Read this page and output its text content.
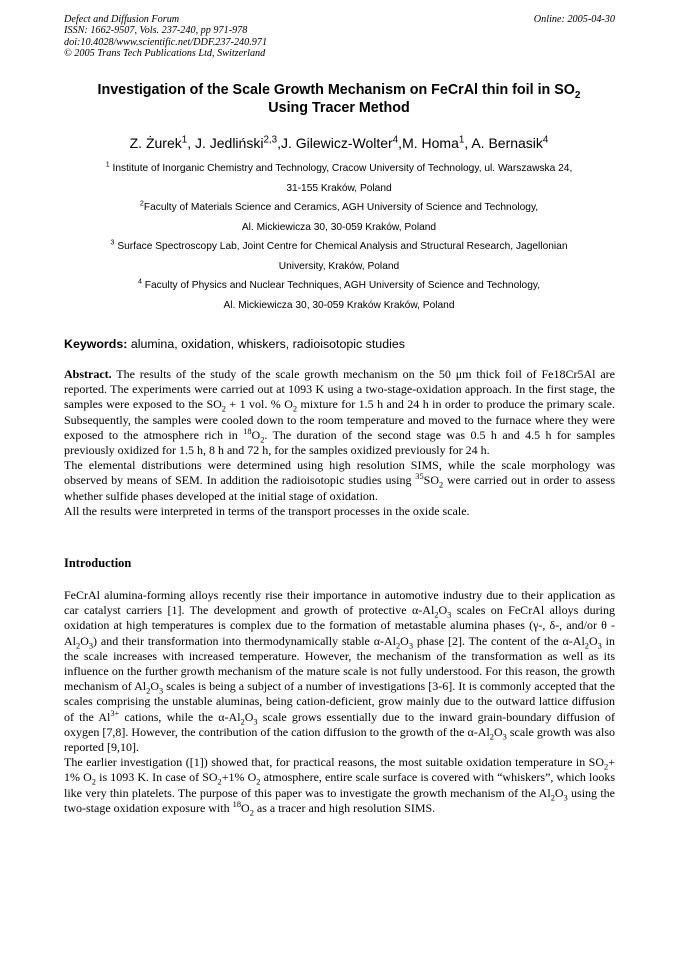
Defect and Diffusion Forum
ISSN: 1662-9507, Vols. 237-240, pp 971-978
doi:10.4028/www.scientific.net/DDF.237-240.971
© 2005 Trans Tech Publications Ltd, Switzerland
Online: 2005-04-30
Investigation of the Scale Growth Mechanism on FeCrAl thin foil in $SO_2$
Using Tracer Method
Z. Żurek$^1$, J. Jedliński$^{2,3}$,J. Gilewicz-Wolter$^4$,M. Homa$^1$, A. Bernasik$^4$
$^1$ Institute of Inorganic Chemistry and Technology, Cracow University of Technology, ul. Warszawska 24,
31-155 Kraków, Poland
$^2$Faculty of Materials Science and Ceramics, AGH University of Science and Technology,
Al. Mickiewicza 30, 30-059 Kraków, Poland
$^3$ Surface Spectroscopy Lab, Joint Centre for Chemical Analysis and Structural Research, Jagellonian
University, Kraków, Poland
$^4$ Faculty of Physics and Nuclear Techniques, AGH University of Science and Technology,
Al. Mickiewicza 30, 30-059 Kraków Kraków, Poland
Keywords: alumina, oxidation, whiskers, radioisotopic studies

Abstract. The results of the study of the scale growth mechanism on the 50 μm thick foil of Fe18Cr5Al are reported. The experiments were carried out at 1093 K using a two-stage-oxidation approach. In the first stage, the samples were exposed to the $SO_2 + 1$ vol. % $O_2$ mixture for 1.5 h and 24 h in order to produce the primary scale. Subsequently, the samples were cooled down to the room temperature and moved to the furnace where they were exposed to the atmosphere rich in $^{18}O_2$. The duration of the second stage was 0.5 h and 4.5 h for samples previously oxidized for 1.5 h, 8 h and 72 h, for the samples oxidized previously for 24 h.

The elemental distributions were determined using high resolution SIMS, while the scale morphology was observed by means of SEM. In addition the radioisotopic studies using $^{35}SO_2$ were carried out in order to assess whether sulfide phases developed at the initial stage of oxidation.

All the results were interpreted in terms of the transport processes in the oxide scale.

Introduction

FeCrAl alumina-forming alloys recently rise their importance in automotive industry due to their application as car catalyst carriers [1]. The development and growth of protective $\alpha-Al_2O_3$ scales on FeCrAl alloys during oxidation at high temperatures is complex due to the formation of metastable alumina phases (γ-, δ-, and/or θ - $Al_2O_3$) and their transformation into thermodynamically stable $\alpha-Al_2O_3$ phase [2]. The content of the $\alpha-Al_2O_3$ in the scale increases with increased temperature. However, the mechanism of the transformation as well as its influence on the further growth mechanism of the mature scale is not fully understood. For this reason, the growth mechanism of $Al_2O_3$ scales is being a subject of a number of investigations [3-6]. It is commonly accepted that the scales comprising the unstable aluminas, being cation-deficient, grow mainly due to the outward lattice diffusion of the $Al^{3+}$ cations, while the $\alpha-Al_2O_3$ scale grows essentially due to the inward grain-boundary diffusion of oxygen [7,8]. However, the contribution of the cation diffusion to the growth of the $\alpha-Al_2O_3$ scale growth was also reported [9,10].

The earlier investigation ([1]) showed that, for practical reasons, the most suitable oxidation temperature in $SO_2+ 1\%$ $O_2$ is 1093 K. In case of $SO_2+1\%$ $O_2$ atmosphere, entire scale surface is covered with “whiskers”, which looks like very thin platelets. The purpose of this paper was to investigate the growth mechanism of the $Al_2O_3$ using the two-stage oxidation exposure with $^{18}O_2$ as a tracer and high resolution SIMS.
